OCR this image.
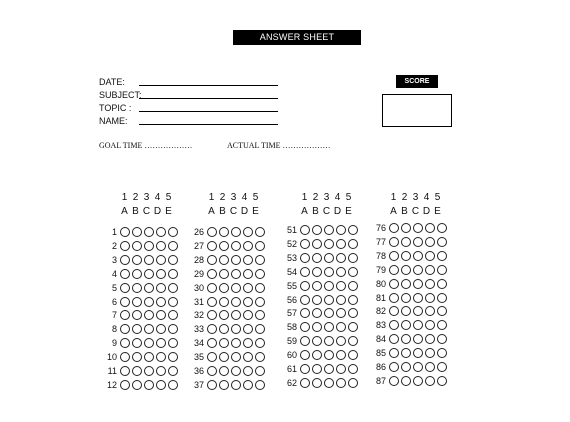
ANSWER SHEET
DATE:
SUBJECT:
TOPIC :
NAME:
SCORE
GOAL TIME ………………	ACTUAL TIME ………………
1 2 3 4 5
A B C D E
1
2
3
4
5
6
7
8
9
10
11
12
1 2 3 4 5
A B C D E
26
27
28
29
30
31
32
33
34
35
36
37
1 2 3 4 5
A B C D E
51
52
53
54
55
56
57
58
59
60
61
62
1 2 3 4 5
A B C D E
76
77
78
79
80
81
82
83
84
85
86
87
